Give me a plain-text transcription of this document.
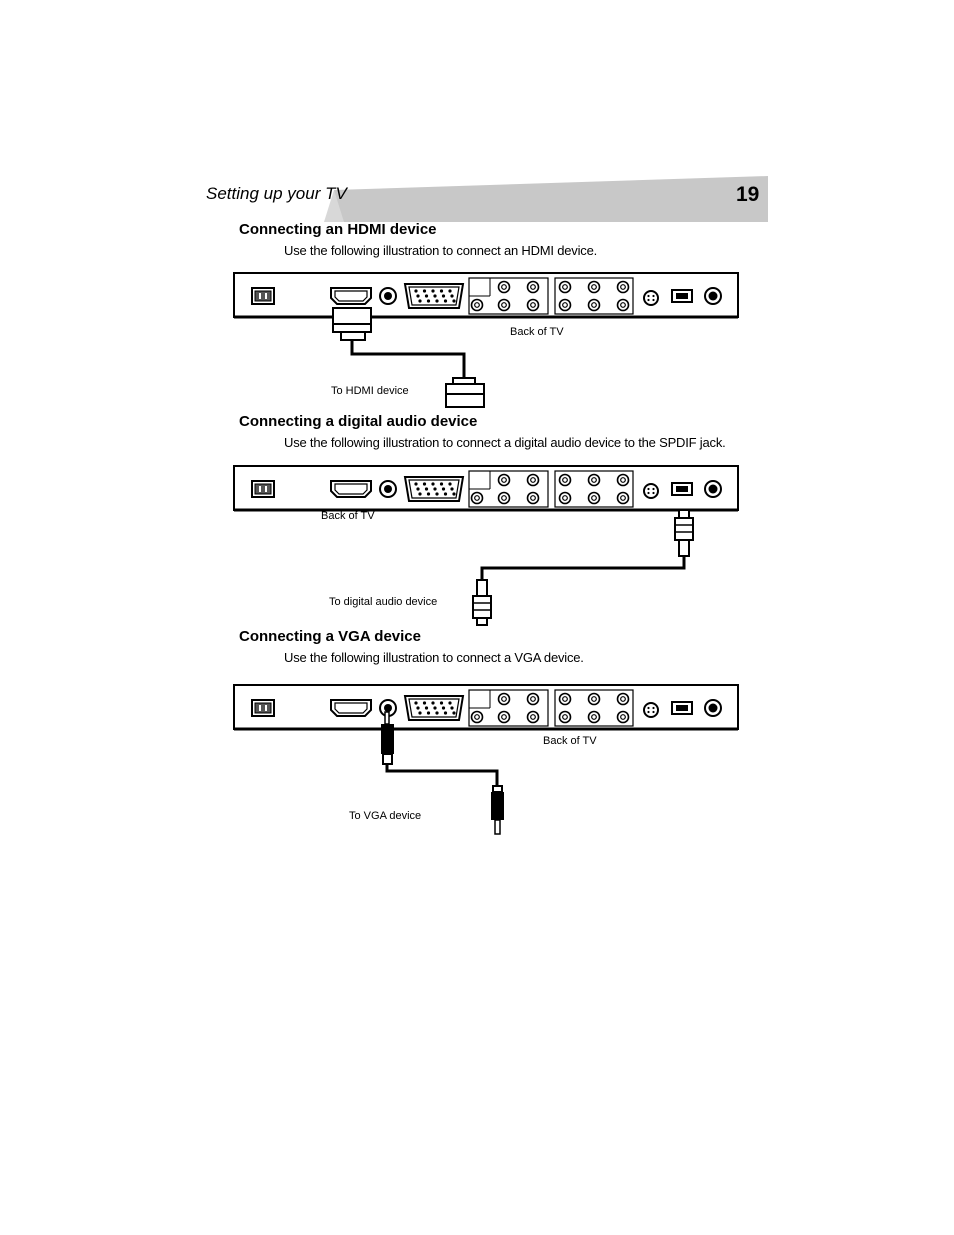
Setting up your TV	19
Connecting an HDMI device
Use the following illustration to connect an HDMI device.
Back of TV
To HDMI device
Connecting a digital audio device
Use the following illustration to connect a digital audio device to the SPDIF jack.
Back of TV
To digital audio device
Connecting a VGA device
Use the following illustration to connect a VGA device.
Back of TV
To VGA device
